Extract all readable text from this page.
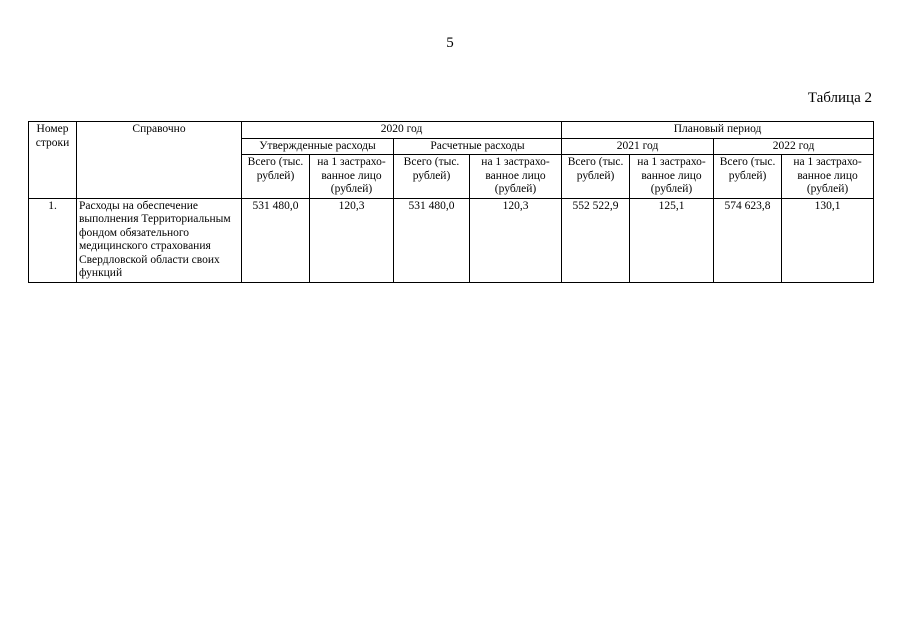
5
Таблица 2
Номер строки	Справочно	2020 год				Плановый период			
		Утвержденные расходы		Расчетные расходы		2021 год		2022 год	
		Всего (тыс. рублей)	на 1 застрахо-ванное лицо (рублей)	Всего (тыс. рублей)	на 1 застрахо-ванное лицо (рублей)	Всего (тыс. рублей)	на 1 застрахо-ванное лицо (рублей)	Всего (тыс. рублей)	на 1 застрахо-ванное лицо (рублей)
1.	Расходы на обеспечение выполнения Территориальным фондом обязательного медицинского страхования Свердловской области своих функций	531 480,0	120,3	531 480,0	120,3	552 522,9	125,1	574 623,8	130,1
